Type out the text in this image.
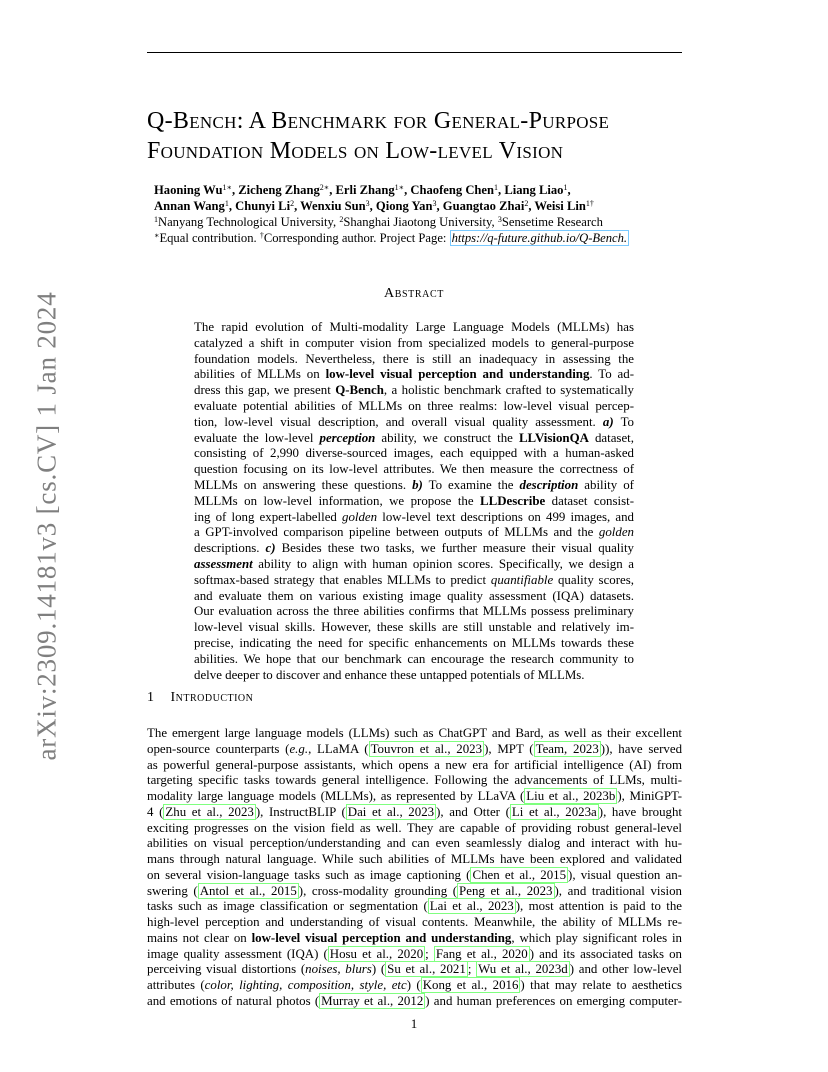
arXiv:2309.14181v3 [cs.CV] 1 Jan 2024
Q-Bench: A Benchmark for General-Purpose
Foundation Models on Low-level Vision
Haoning $Wu^{1∗}$, Zicheng Zhang$^{2∗}$, Erli Zhang$^{1∗}$, Chaofeng Chen$^1$, Liang Liao$^1$,
Annan Wang$^1$, Chunyi Li$^2$, Wenxiu Sun$^3$, Qiong Yan$^3$, Guangtao Zhai$^2$, Weisi Lin$^{1\dagger}$
$^1$Nanyang Technological University, $^2$Shanghai Jiaotong University, $^3$Sensetime Research
∗Equal contribution. †Corresponding author. Project Page: https://q-future.github.io/Q-Bench.
Abstract
The rapid evolution of Multi-modality Large Language Models (MLLMs) has
catalyzed a shift in computer vision from specialized models to general-purpose
foundation models. Nevertheless, there is still an inadequacy in assessing the
abilities of MLLMs on low-level visual perception and understanding. To ad-
dress this gap, we present Q-Bench, a holistic benchmark crafted to systematically
evaluate potential abilities of MLLMs on three realms: low-level visual percep-
tion, low-level visual description, and overall visual quality assessment. a) To
evaluate the low-level perception ability, we construct the LLVisionQA dataset,
consisting of 2,990 diverse-sourced images, each equipped with a human-asked
question focusing on its low-level attributes. We then measure the correctness of
MLLMs on answering these questions. b) To examine the description ability of
MLLMs on low-level information, we propose the LLDescribe dataset consist-
ing of long expert-labelled golden low-level text descriptions on 499 images, and
a GPT-involved comparison pipeline between outputs of MLLMs and the golden
descriptions. c) Besides these two tasks, we further measure their visual quality
assessment ability to align with human opinion scores. Specifically, we design a
softmax-based strategy that enables MLLMs to predict quantifiable quality scores,
and evaluate them on various existing image quality assessment (IQA) datasets.
Our evaluation across the three abilities confirms that MLLMs possess preliminary
low-level visual skills. However, these skills are still unstable and relatively im-
precise, indicating the need for specific enhancements on MLLMs towards these
abilities. We hope that our benchmark can encourage the research community to
delve deeper to discover and enhance these untapped potentials of MLLMs.
1 Introduction
The emergent large language models (LLMs) such as ChatGPT and Bard, as well as their excellent
open-source counterparts (e.g., LLaMA ( Touvron et al., 2023 ), MPT ( Team, 2023 )), have served
as powerful general-purpose assistants, which opens a new era for artificial intelligence (AI) from
targeting specific tasks towards general intelligence. Following the advancements of LLMs, multi-
modality large language models (MLLMs), as represented by LLaVA ( Liu et al., 2023b ), MiniGPT-
4 ( Zhu et al., 2023 ), InstructBLIP ( Dai et al., 2023 ), and Otter ( Li et al., 2023a ), have brought
exciting progresses on the vision field as well. They are capable of providing robust general-level
abilities on visual perception/understanding and can even seamlessly dialog and interact with hu-
mans through natural language. While such abilities of MLLMs have been explored and validated
on several vision-language tasks such as image captioning ( Chen et al., 2015 ), visual question an-
swering ( Antol et al., 2015 ), cross-modality grounding ( Peng et al., 2023 ), and traditional vision
tasks such as image classification or segmentation ( Lai et al., 2023 ), most attention is paid to the
high-level perception and understanding of visual contents. Meanwhile, the ability of MLLMs re-
mains not clear on low-level visual perception and understanding, which play significant roles in
image quality assessment (IQA) ( Hosu et al., 2020 ; Fang et al., 2020 ) and its associated tasks on
perceiving visual distortions (noises, blurs) ( Su et al., 2021 ; Wu et al., 2023d ) and other low-level
attributes (color, lighting, composition, style, etc) ( Kong et al., 2016 ) that may relate to aesthetics
and emotions of natural photos ( Murray et al., 2012 ) and human preferences on emerging computer-
1
